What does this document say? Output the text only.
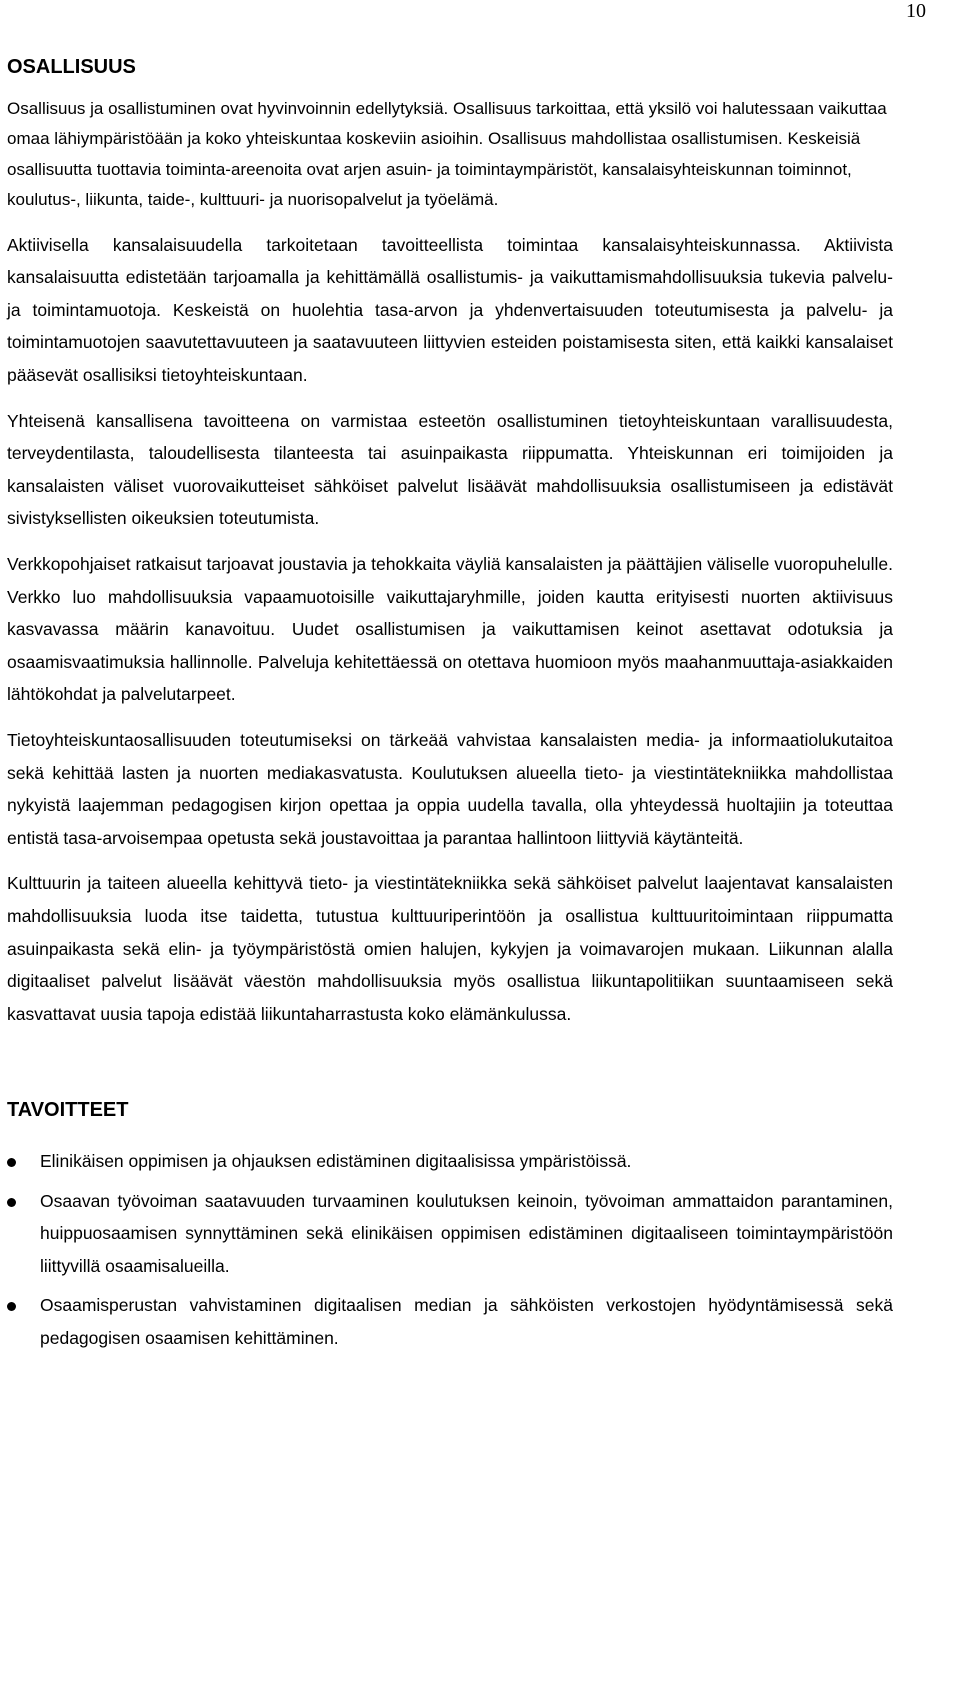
10
OSALLISUUS

Osallisuus ja osallistuminen ovat hyvinvoinnin edellytyksiä. Osallisuus tarkoittaa, että yksilö voi halutessaan vaikuttaa omaa lähiympäristöään ja koko yhteiskuntaa koskeviin asioihin. Osallisuus mahdollistaa osallistumisen. Keskeisiä osallisuutta tuottavia toiminta-areenoita ovat arjen asuin- ja toimintaympäristöt, kansalaisyhteiskunnan toiminnot, koulutus-, liikunta, taide-, kulttuuri- ja nuorisopalvelut ja työelämä.

Aktiivisella kansalaisuudella tarkoitetaan tavoitteellista toimintaa kansalaisyhteiskunnassa. Aktiivista kansalaisuutta edistetään tarjoamalla ja kehittämällä osallistumis- ja vaikuttamismahdollisuuksia tukevia palvelu- ja toimintamuotoja. Keskeistä on huolehtia tasa-arvon ja yhdenvertaisuuden toteutumisesta ja palvelu- ja toimintamuotojen saavutettavuuteen ja saatavuuteen liittyvien esteiden poistamisesta siten, että kaikki kansalaiset pääsevät osallisiksi tietoyhteiskuntaan.

Yhteisenä kansallisena tavoitteena on varmistaa esteetön osallistuminen tietoyhteiskuntaan varallisuudesta, terveydentilasta, taloudellisesta tilanteesta tai asuinpaikasta riippumatta. Yhteiskunnan eri toimijoiden ja kansalaisten väliset vuorovaikutteiset sähköiset palvelut lisäävät mahdollisuuksia osallistumiseen ja edistävät sivistyksellisten oikeuksien toteutumista.

Verkkopohjaiset ratkaisut tarjoavat joustavia ja tehokkaita väyliä kansalaisten ja päättäjien väliselle vuoropuhelulle. Verkko luo mahdollisuuksia vapaamuotoisille vaikuttajaryhmille, joiden kautta erityisesti nuorten aktiivisuus kasvavassa määrin kanavoituu. Uudet osallistumisen ja vaikuttamisen keinot asettavat odotuksia ja osaamisvaatimuksia hallinnolle. Palveluja kehitettäessä on otettava huomioon myös maahanmuuttaja-asiakkaiden lähtökohdat ja palvelutarpeet.

Tietoyhteiskuntaosallisuuden toteutumiseksi on tärkeää vahvistaa kansalaisten media- ja informaatiolukutaitoa sekä kehittää lasten ja nuorten mediakasvatusta. Koulutuksen alueella tieto- ja viestintätekniikka mahdollistaa nykyistä laajemman pedagogisen kirjon opettaa ja oppia uudella tavalla, olla yhteydessä huoltajiin ja toteuttaa entistä tasa-arvoisempaa opetusta sekä joustavoittaa ja parantaa hallintoon liittyviä käytänteitä.

Kulttuurin ja taiteen alueella kehittyvä tieto- ja viestintätekniikka sekä sähköiset palvelut laajentavat kansalaisten mahdollisuuksia luoda itse taidetta, tutustua kulttuuriperintöön ja osallistua kulttuuritoimintaan riippumatta asuinpaikasta sekä elin- ja työympäristöstä omien halujen, kykyjen ja voimavarojen mukaan. Liikunnan alalla digitaaliset palvelut lisäävät väestön mahdollisuuksia myös osallistua liikuntapolitiikan suuntaamiseen sekä kasvattavat uusia tapoja edistää liikuntaharrastusta koko elämänkulussa.

TAVOITTEET
Elinikäisen oppimisen ja ohjauksen edistäminen digitaalisissa ympäristöissä.
Osaavan työvoiman saatavuuden turvaaminen koulutuksen keinoin, työvoiman ammattaidon parantaminen, huippuosaamisen synnyttäminen sekä elinikäisen oppimisen edistäminen digitaaliseen toimintaympäristöön liittyvillä osaamisalueilla.
Osaamisperustan vahvistaminen digitaalisen median ja sähköisten verkostojen hyödyntämisessä sekä pedagogisen osaamisen kehittäminen.
